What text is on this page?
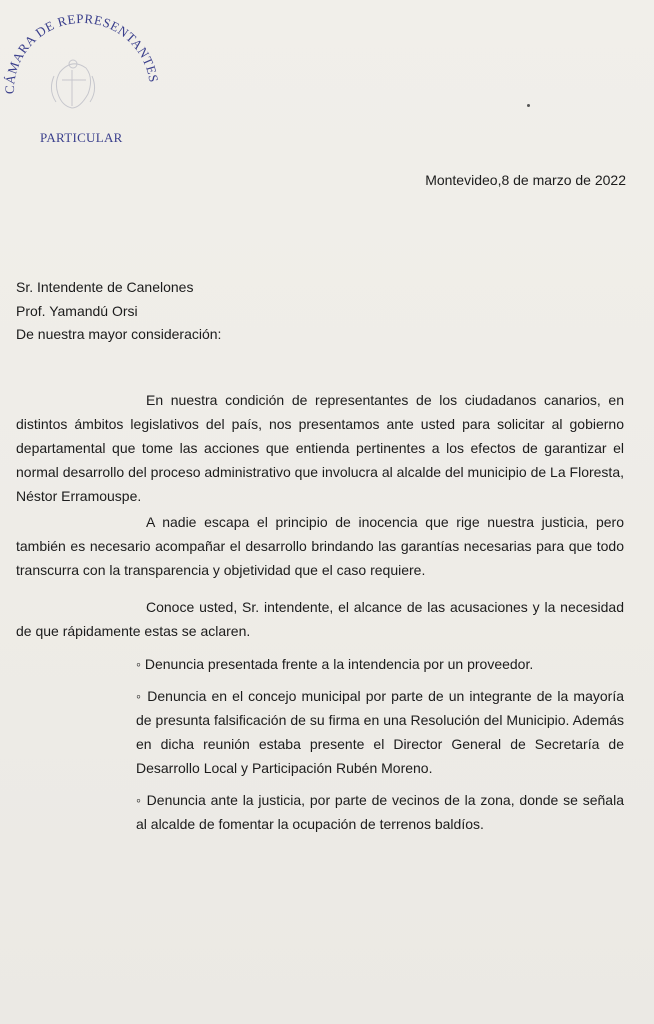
CÁMARA DE REPRESENTANTES
PARTICULAR
Montevideo,8 de marzo de 2022
Sr. Intendente de Canelones
Prof. Yamandú Orsi
De nuestra mayor consideración:
En nuestra condición de representantes de los ciudadanos canarios, en distintos ámbitos legislativos del país, nos presentamos ante usted para solicitar al gobierno departamental que tome las acciones que entienda pertinentes a los efectos de garantizar el normal desarrollo del proceso administrativo que involucra al alcalde del municipio de La Floresta, Néstor Erramouspe.
A nadie escapa el principio de inocencia que rige nuestra justicia, pero también es necesario acompañar el desarrollo brindando las garantías necesarias para que todo transcurra con la transparencia y objetividad que el caso requiere.
Conoce usted, Sr. intendente, el alcance de las acusaciones y la necesidad de que rápidamente estas se aclaren.
◦ Denuncia presentada frente a la intendencia por un proveedor.
◦ Denuncia en el concejo municipal por parte de un integrante de la mayoría de presunta falsificación de su firma en una Resolución del Municipio. Además en dicha reunión estaba presente el Director General de Secretaría de Desarrollo Local y Participación Rubén Moreno.
◦ Denuncia ante la justicia, por parte de vecinos de la zona, donde se señala al alcalde de fomentar la ocupación de terrenos baldíos.
